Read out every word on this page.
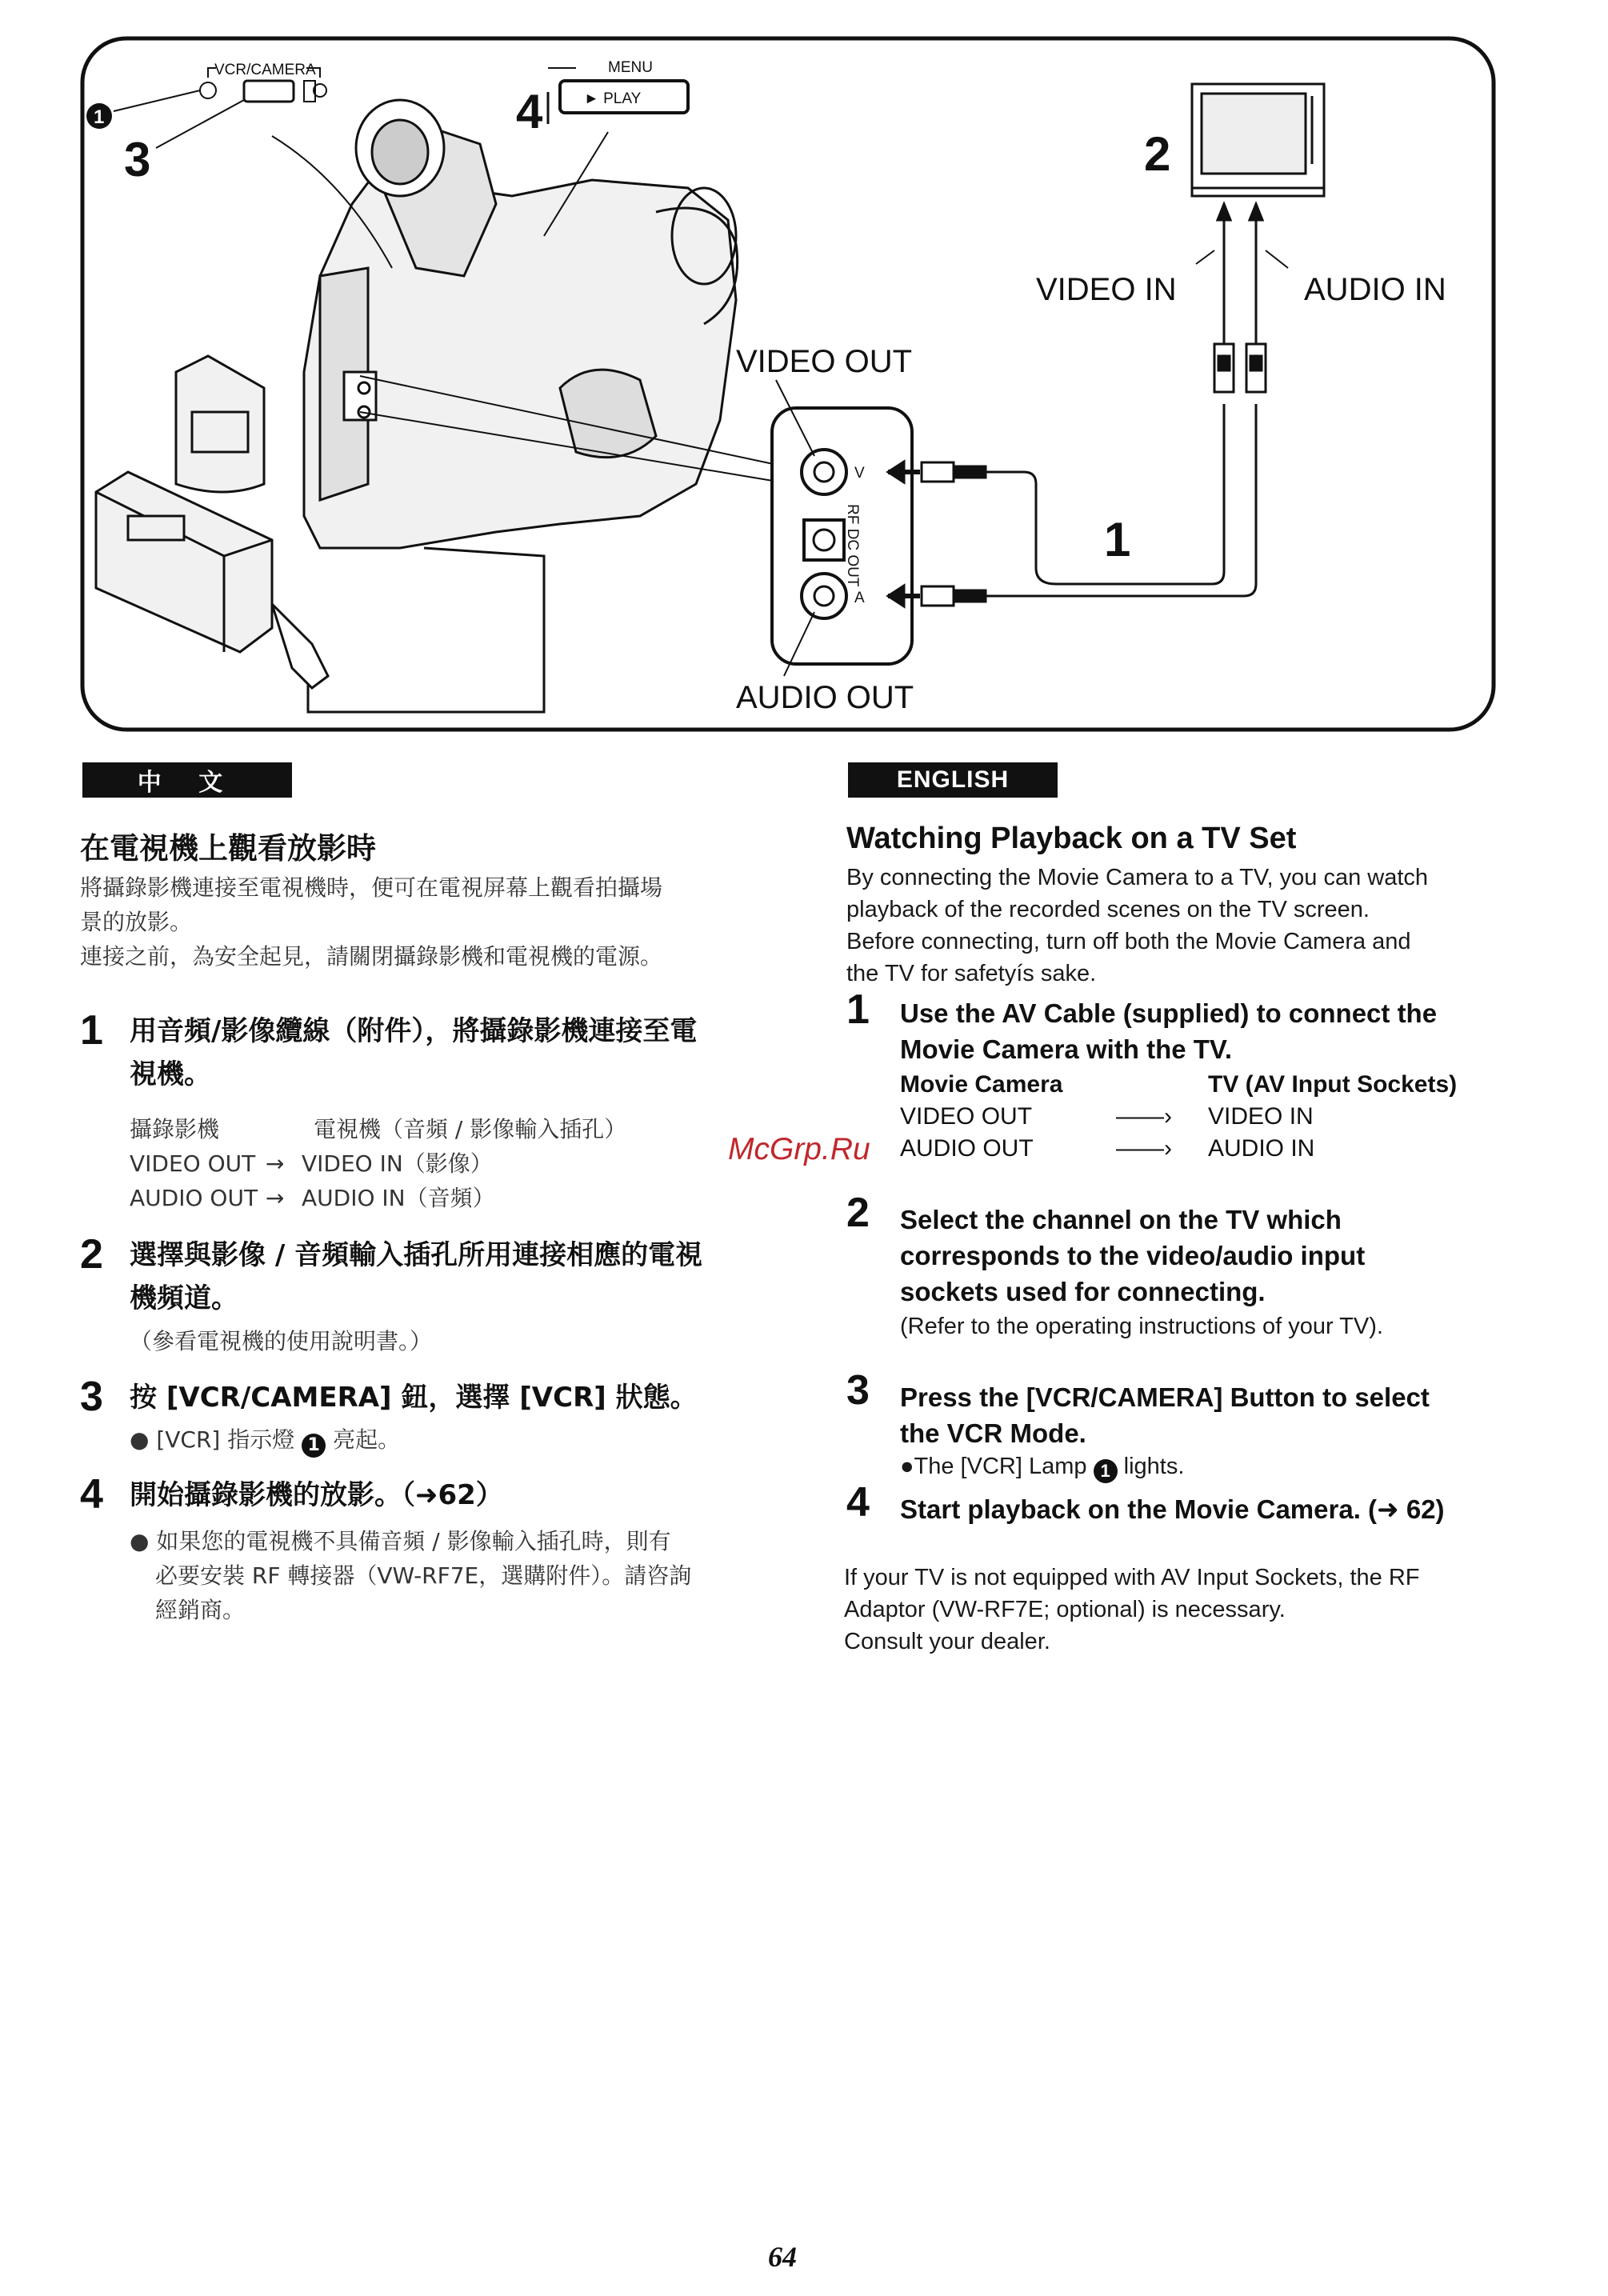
VCR/CAMERA
1
3
4
MENU
► PLAY
V
A
RF DC OUT
VIDEO OUT
AUDIO OUT
1
VIDEO IN	AUDIO IN
2
中 文
在電視機上觀看放影時
將攝錄影機連接至電視機時，便可在電視屏幕上觀看拍攝場
景的放影。
連接之前，為安全起見，請關閉攝錄影機和電視機的電源。
1 用音頻/影像纜線（附件），將攝錄影機連接至電
視機。
攝錄影機	電視機（音頻 / 影像輸入插孔）
VIDEO OUT → VIDEO IN（影像）
AUDIO OUT → AUDIO IN（音頻）
2 選擇與影像 / 音頻輸入插孔所用連接相應的電視
機頻道。
（參看電視機的使用說明書。）
3 按 [VCR/CAMERA] 鈕，選擇 [VCR] 狀態。
● [VCR] 指示燈 1 亮起。
4 開始攝錄影機的放影。（➜62）
● 如果您的電視機不具備音頻 / 影像輸入插孔時，則有
必要安裝 RF 轉接器（VW-RF7E，選購附件）。請咨詢
經銷商。
McGrp.Ru
ENGLISH
Watching Playback on a TV Set
By connecting the Movie Camera to a TV, you can watch
playback of the recorded scenes on the TV screen.
Before connecting, turn off both the Movie Camera and
the TV for safetyís sake.
1 Use the AV Cable (supplied) to connect the
Movie Camera with the TV.
Movie Camera	TV (AV Input Sockets)
VIDEO OUT	——›	VIDEO IN
AUDIO OUT	——›	AUDIO IN
2 Select the channel on the TV which
corresponds to the video/audio input
sockets used for connecting.
(Refer to the operating instructions of your TV).
3 Press the [VCR/CAMERA] Button to select
the VCR Mode.
●The [VCR] Lamp 1 lights.
4 Start playback on the Movie Camera. (➜ 62)
If your TV is not equipped with AV Input Sockets, the RF
Adaptor (VW-RF7E; optional) is necessary.
Consult your dealer.
64
